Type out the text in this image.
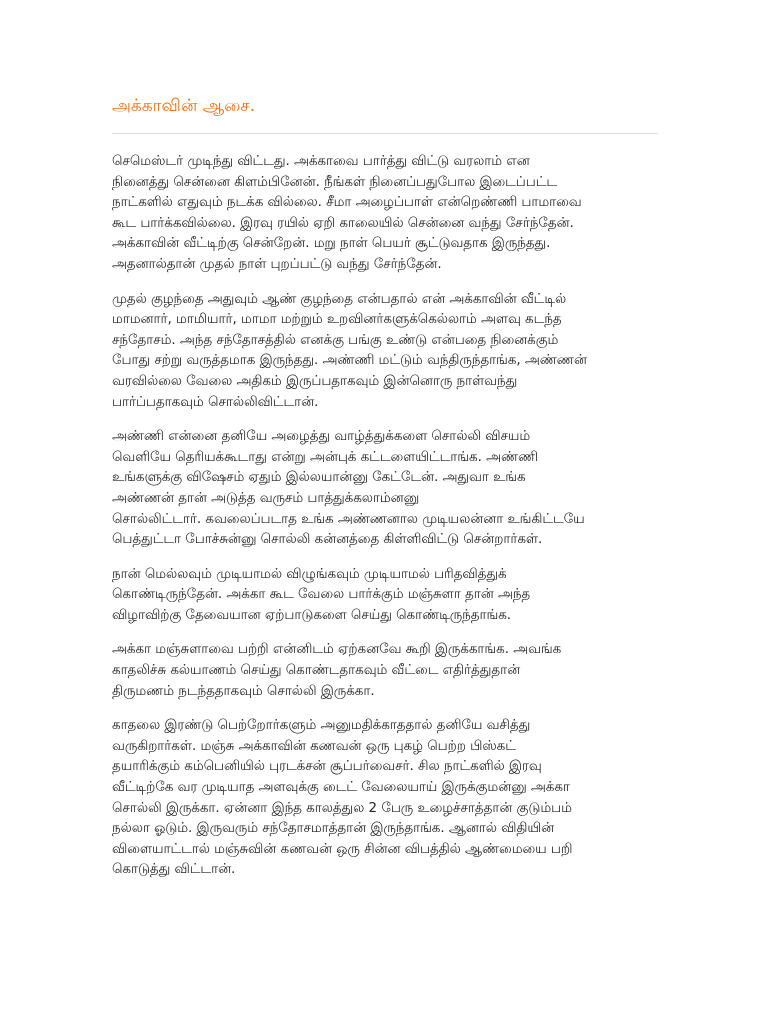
அக்காவின் ஆசை.

செமெஸ்டர் முடிந்து விட்டது. அக்காவை பார்த்து விட்டு வரலாம் என
நினைத்து சென்னை கிளம்பினேன். நீங்கள் நினைப்பதுபோல இடைப்பட்ட
நாட்களில் எதுவும் நடக்க வில்லை. சீமா அழைப்பாள் என்றெண்ணி பாமாவை
கூட பார்க்கவில்லை. இரவு ரயில் ஏறி காலையில் சென்னை வந்து சேர்ந்தேன்.
அக்காவின் வீட்டிற்கு சென்றேன். மறு நாள் பெயர் சூட்டுவதாக இருந்தது.
அதனால்தான் முதல் நாள் புறப்பட்டு வந்து சேர்ந்தேன்.

முதல் குழந்தை அதுவும் ஆண் குழந்தை என்பதால் என் அக்காவின் வீட்டில்
மாமனார், மாமியார், மாமா மற்றும் உறவினர்களுக்கெல்லாம் அளவு கடந்த
சந்தோசம். அந்த சந்தோசத்தில் எனக்கு பங்கு உண்டு என்பதை நினைக்கும்
போது சற்று வருத்தமாக இருந்தது. அண்ணி மட்டும் வந்திருந்தாங்க, அண்ணன்
வரவில்லை வேலை அதிகம் இருப்பதாகவும் இன்னொரு நாள்வந்து
பார்ப்பதாகவும் சொல்லிவிட்டான்.

அண்ணி என்னை தனியே அழைத்து வாழ்த்துக்களை சொல்லி விசயம்
வெளியே தெரியக்கூடாது என்று அன்புக் கட்டளையிட்டாங்க. அண்ணி
உங்களுக்கு விஷேசம் ஏதும் இல்லயான்னு கேட்டேன். அதுவா உங்க
அண்ணன் தான் அடுத்த வருசம் பாத்துக்கலாம்னனு
சொல்லிட்டார். கவலைப்படாத உங்க அண்ணனால முடியலன்னா உங்கிட்டயே
பெத்துட்டா போச்சுன்னு சொல்லி கன்னத்தை கிள்ளிவிட்டு சென்றார்கள்.

நான் மெல்லவும் முடியாமல் விழுங்கவும் முடியாமல் பரிதவித்துக்
கொண்டிருந்தேன். அக்கா கூட வேலை பார்க்கும் மஞ்சுளா தான் அந்த
விழாவிற்கு தேவையான ஏற்பாடுகளை செய்து கொண்டிருந்தாங்க.

அக்கா மஞ்சுளாவை பற்றி என்னிடம் ஏற்கனவே கூறி இருக்காங்க. அவங்க
காதலிச்சு கல்யாணம் செய்து கொண்டதாகவும் வீட்டை எதிர்த்துதான்
திருமணம் நடந்ததாகவும் சொல்லி இருக்கா.

காதலை இரண்டு பெற்றோர்களும் அனுமதிக்காததால் தனியே வசித்து
வருகிறார்கள். மஞ்சு அக்காவின் கணவன் ஒரு புகழ் பெற்ற பிஸ்கட்
தயாரிக்கும் கம்பெனியில் புரடக்சன் சூப்பர்வைசர். சில நாட்களில் இரவு
வீட்டிற்கே வர முடியாத அளவுக்கு டைட் வேலையாய் இருக்குமன்னு அக்கா
சொல்லி இருக்கா. ஏன்னா இந்த காலத்துல 2 பேரு உழைச்சாத்தான் குடும்பம்
நல்லா ஓடும். இருவரும் சந்தோசமாத்தான் இருந்தாங்க. ஆனால் விதியின்
விளையாட்டால் மஞ்சுவின் கணவன் ஒரு சின்ன விபத்தில் ஆண்மையை பறி
கொடுத்து விட்டான்.
